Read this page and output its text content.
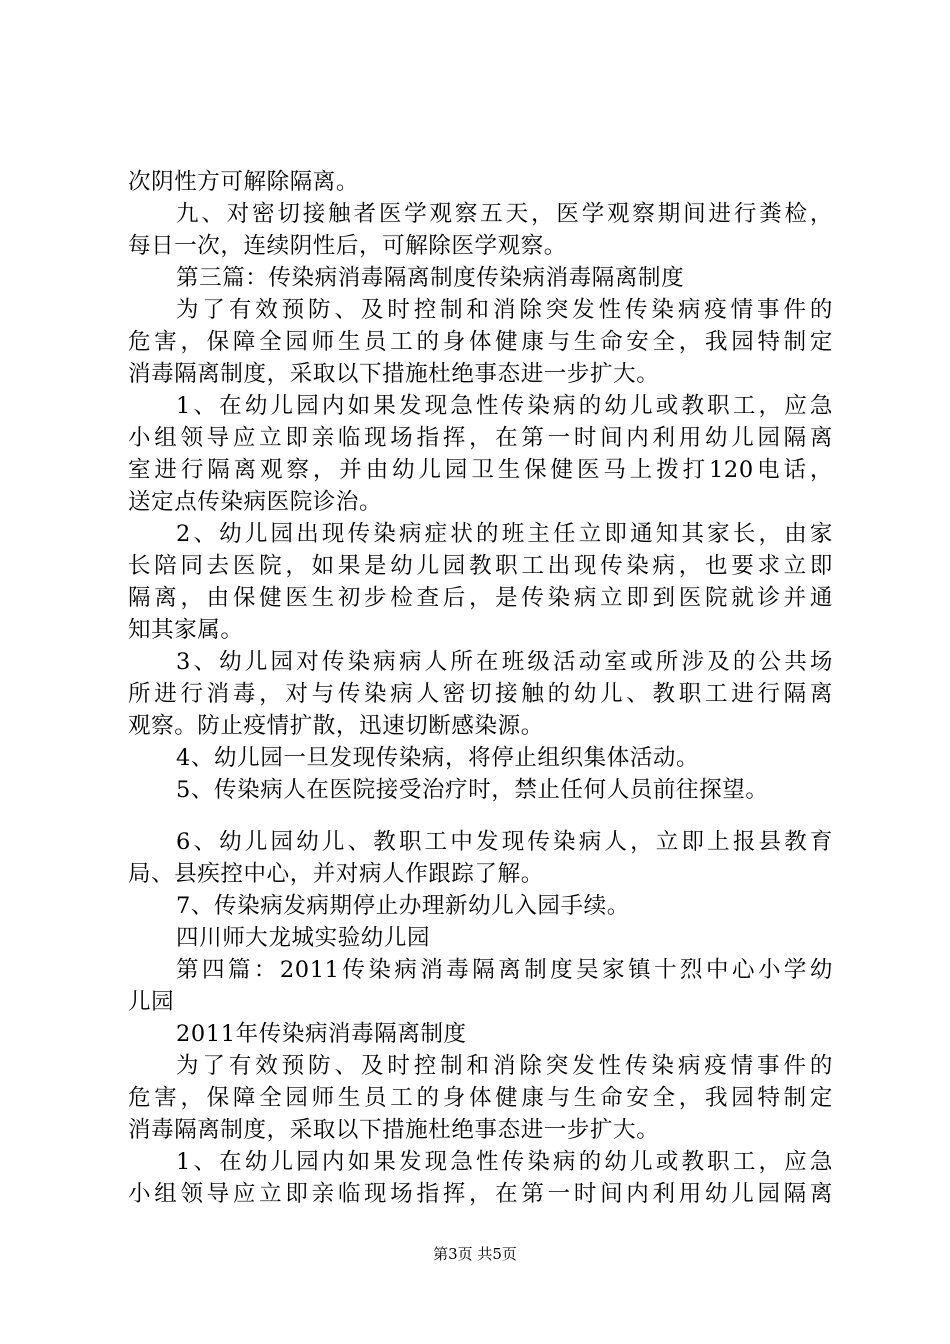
次阴性方可解除隔离。
九、对密切接触者医学观察五天，医学观察期间进行粪检，
每日一次，连续阴性后，可解除医学观察。
第三篇：传染病消毒隔离制度传染病消毒隔离制度
为了有效预防、及时控制和消除突发性传染病疫情事件的
危害，保障全园师生员工的身体健康与生命安全，我园特制定
消毒隔离制度，采取以下措施杜绝事态进一步扩大。
1、在幼儿园内如果发现急性传染病的幼儿或教职工，应急
小组领导应立即亲临现场指挥，在第一时间内利用幼儿园隔离
室进行隔离观察，并由幼儿园卫生保健医马上拨打120电话，
送定点传染病医院诊治。
2、幼儿园出现传染病症状的班主任立即通知其家长，由家
长陪同去医院，如果是幼儿园教职工出现传染病，也要求立即
隔离，由保健医生初步检查后，是传染病立即到医院就诊并通
知其家属。
3、幼儿园对传染病病人所在班级活动室或所涉及的公共场
所进行消毒，对与传染病人密切接触的幼儿、教职工进行隔离
观察。防止疫情扩散，迅速切断感染源。
4、幼儿园一旦发现传染病，将停止组织集体活动。
5、传染病人在医院接受治疗时，禁止任何人员前往探望。
6、幼儿园幼儿、教职工中发现传染病人，立即上报县教育
局、县疾控中心，并对病人作跟踪了解。
7、传染病发病期停止办理新幼儿入园手续。
四川师大龙城实验幼儿园
第四篇：2011传染病消毒隔离制度吴家镇十烈中心小学幼
儿园
2011年传染病消毒隔离制度
为了有效预防、及时控制和消除突发性传染病疫情事件的
危害，保障全园师生员工的身体健康与生命安全，我园特制定
消毒隔离制度，采取以下措施杜绝事态进一步扩大。
1、在幼儿园内如果发现急性传染病的幼儿或教职工，应急
小组领导应立即亲临现场指挥，在第一时间内利用幼儿园隔离
第3页 共5页
